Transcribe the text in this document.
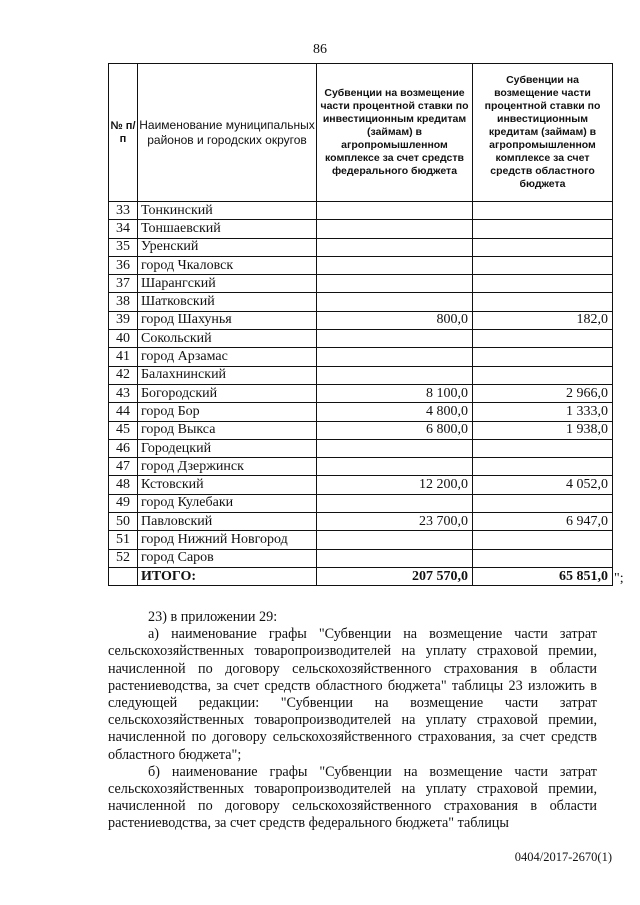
86
№ п/п	Наименование муниципальных районов и городских округов	Субвенции на возмещение части процентной ставки по инвестиционным кредитам (займам) в агропромышленном комплексе за счет средств федерального бюджета	Субвенции на возмещение части процентной ставки по инвестиционным кредитам (займам) в агропромышленном комплексе за счет средств областного бюджета
33	Тонкинский		
34	Тоншаевский		
35	Уренский		
36	город Чкаловск		
37	Шарангский		
38	Шатковский		
39	город Шахунья	800,0	182,0
40	Сокольский		
41	город Арзамас		
42	Балахнинский		
43	Богородский	8 100,0	2 966,0
44	город Бор	4 800,0	1 333,0
45	город Выкса	6 800,0	1 938,0
46	Городецкий		
47	город Дзержинск		
48	Кстовский	12 200,0	4 052,0
49	город Кулебаки		
50	Павловский	23 700,0	6 947,0
51	город Нижний Новгород		
52	город Саров		
	ИТОГО:	207 570,0	65 851,0 ";

23) в приложении 29:

а) наименование графы "Субвенции на возмещение части затрат сельскохозяйственных товаропроизводителей на уплату страховой премии, начисленной по договору сельскохозяйственного страхования в области растениеводства, за счет средств областного бюджета" таблицы 23 изложить в следующей редакции: "Субвенции на возмещение части затрат сельскохозяйственных товаропроизводителей на уплату страховой премии, начисленной по договору сельскохозяйственного страхования, за счет средств областного бюджета";

б) наименование графы "Субвенции на возмещение части затрат сельскохозяйственных товаропроизводителей на уплату страховой премии, начисленной по договору сельскохозяйственного страхования в области растениеводства, за счет средств федерального бюджета" таблицы

0404/2017-2670(1)
